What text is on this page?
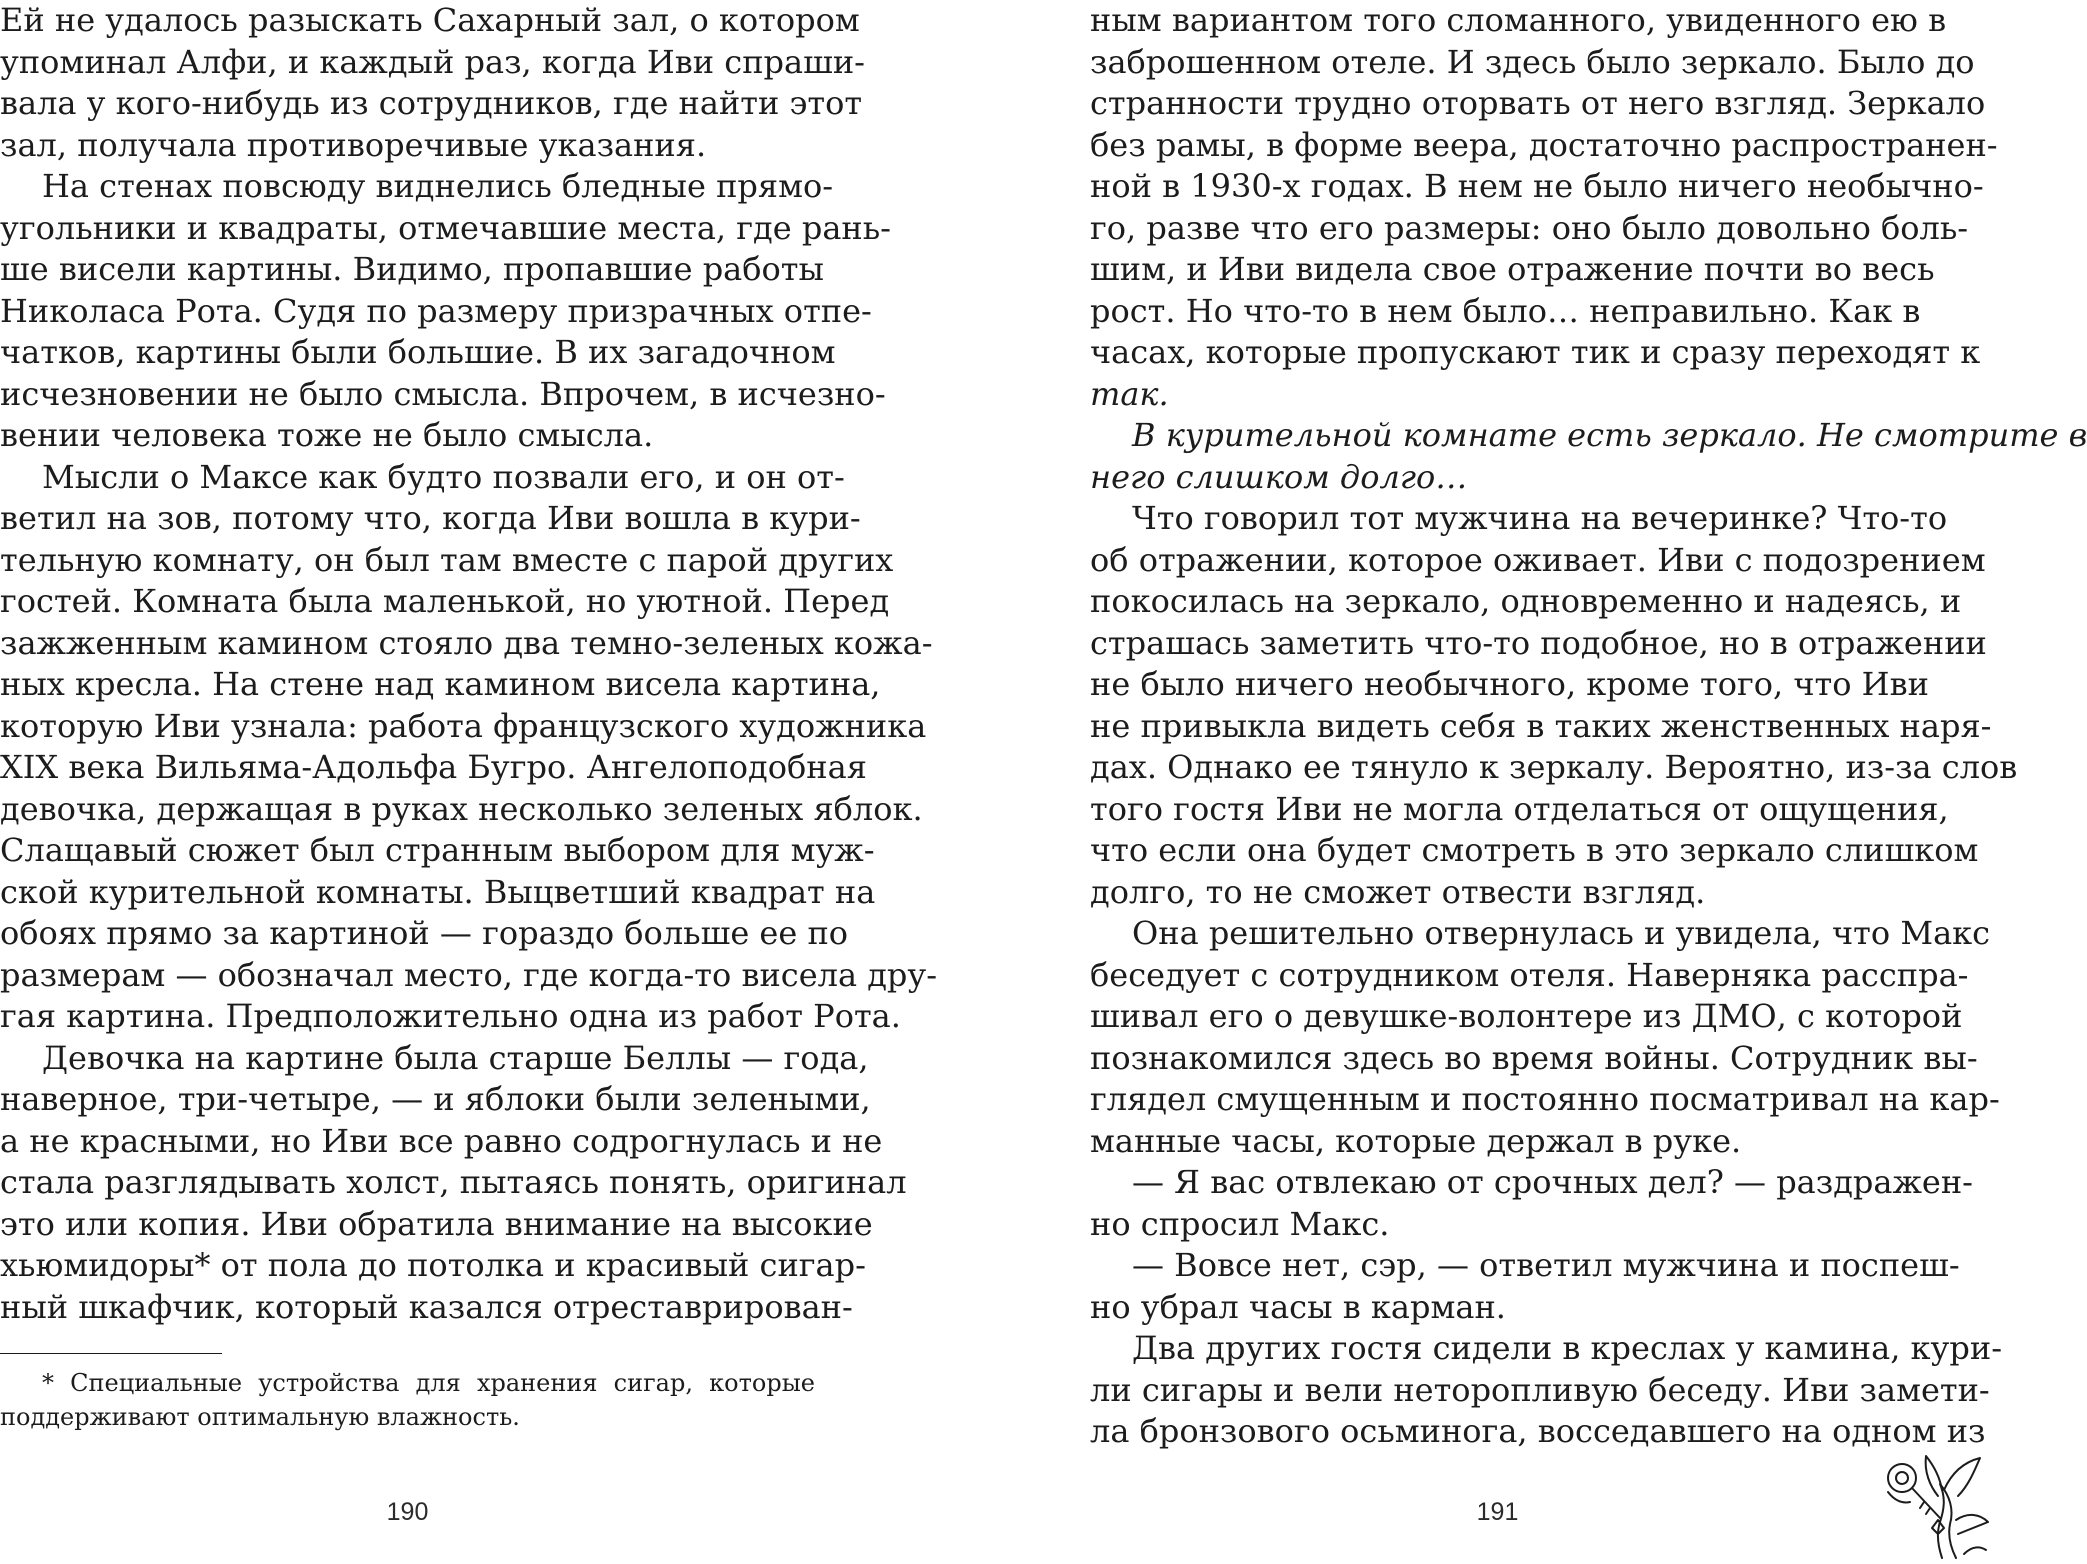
Ей не удалось разыскать Сахарный зал, о котором
упоминал Алфи, и каждый раз, когда Иви спраши-
вала у кого-нибудь из сотрудников, где найти этот
зал, получала противоречивые указания.
На стенах повсюду виднелись бледные прямо-
угольники и квадраты, отмечавшие места, где рань-
ше висели картины. Видимо, пропавшие работы
Николаса Рота. Судя по размеру призрачных отпе-
чатков, картины были большие. В их загадочном
исчезновении не было смысла. Впрочем, в исчезно-
вении человека тоже не было смысла.
Мысли о Максе как будто позвали его, и он от-
ветил на зов, потому что, когда Иви вошла в кури-
тельную комнату, он был там вместе с парой других
гостей. Комната была маленькой, но уютной. Перед
зажженным камином стояло два темно-зеленых кожа-
ных кресла. На стене над камином висела картина,
которую Иви узнала: работа французского художника
XIX века Вильяма-Адольфа Бугро. Ангелоподобная
девочка, держащая в руках несколько зеленых яблок.
Слащавый сюжет был странным выбором для муж-
ской курительной комнаты. Выцветший квадрат на
обоях прямо за картиной — гораздо больше ее по
размерам — обозначал место, где когда-то висела дру-
гая картина. Предположительно одна из работ Рота.
Девочка на картине была старше Беллы — года,
наверное, три-четыре, — и яблоки были зелеными,
а не красными, но Иви все равно содрогнулась и не
стала разглядывать холст, пытаясь понять, оригинал
это или копия. Иви обратила внимание на высокие
хьюмидоры* от пола до потолка и красивый сигар-
ный шкафчик, который казался отреставрирован-
* Специальные устройства для хранения сигар, которые
поддерживают оптимальную влажность.
190
ным вариантом того сломанного, увиденного ею в
заброшенном отеле. И здесь было зеркало. Было до
странности трудно оторвать от него взгляд. Зеркало
без рамы, в форме веера, достаточно распространен-
ной в 1930-х годах. В нем не было ничего необычно-
го, разве что его размеры: оно было довольно боль-
шим, и Иви видела свое отражение почти во весь
рост. Но что-то в нем было… неправильно. Как в
часах, которые пропускают тик и сразу переходят к
так.
В курительной комнате есть зеркало. Не смотрите в
него слишком долго…
Что говорил тот мужчина на вечеринке? Что-то
об отражении, которое оживает. Иви с подозрением
покосилась на зеркало, одновременно и надеясь, и
страшась заметить что-то подобное, но в отражении
не было ничего необычного, кроме того, что Иви
не привыкла видеть себя в таких женственных наря-
дах. Однако ее тянуло к зеркалу. Вероятно, из-за слов
того гостя Иви не могла отделаться от ощущения,
что если она будет смотреть в это зеркало слишком
долго, то не сможет отвести взгляд.
Она решительно отвернулась и увидела, что Макс
беседует с сотрудником отеля. Наверняка расспра-
шивал его о девушке-волонтере из ДМО, с которой
познакомился здесь во время войны. Сотрудник вы-
глядел смущенным и постоянно посматривал на кар-
манные часы, которые держал в руке.
— Я вас отвлекаю от срочных дел? — раздражен-
но спросил Макс.
— Вовсе нет, сэр, — ответил мужчина и поспеш-
но убрал часы в карман.
Два других гостя сидели в креслах у камина, кури-
ли сигары и вели неторопливую беседу. Иви замети-
ла бронзового осьминога, восседавшего на одном из
191
